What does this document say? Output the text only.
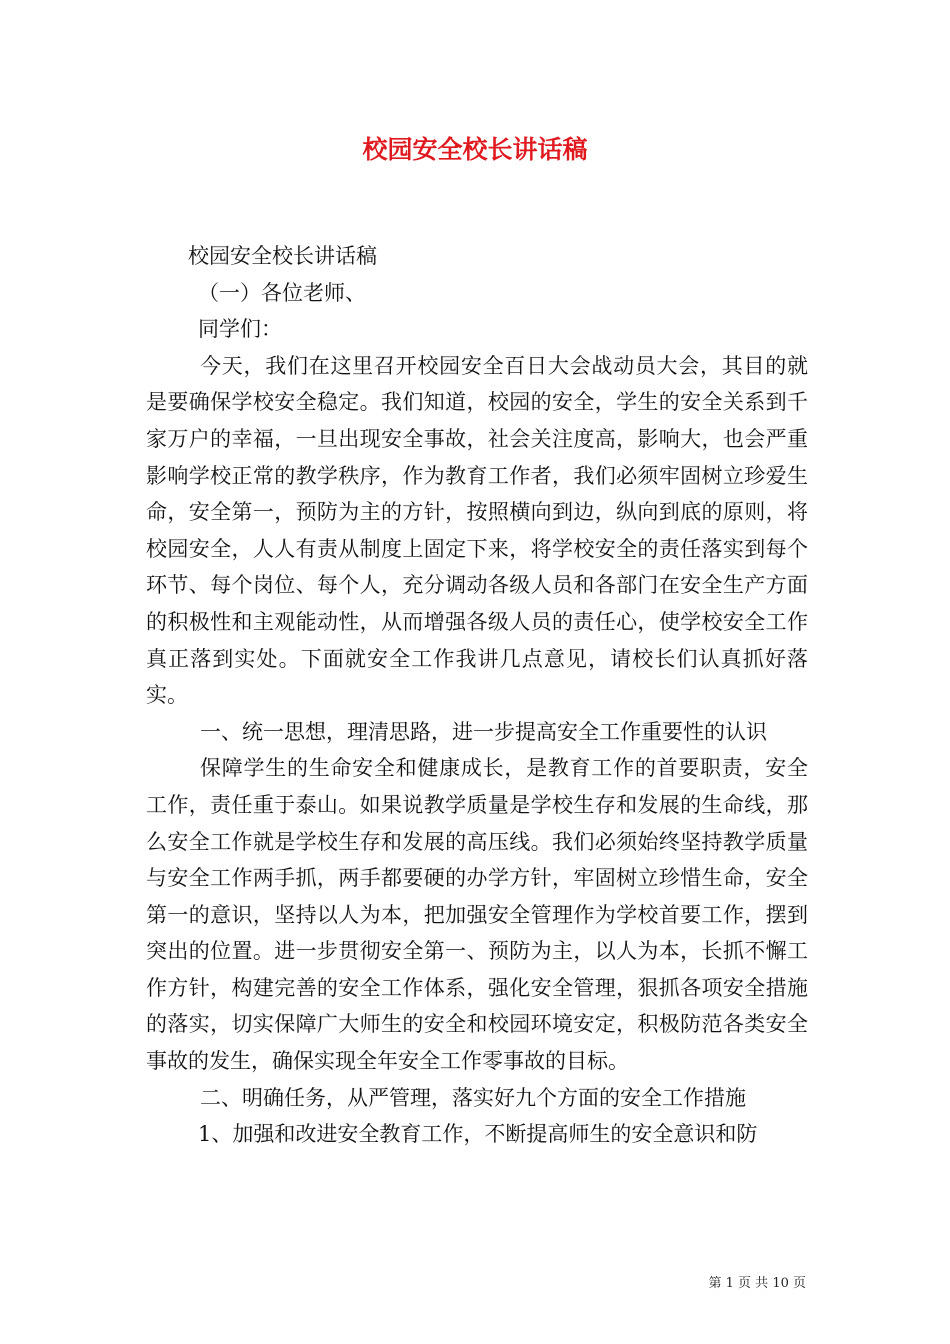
校园安全校长讲话稿

校园安全校长讲话稿

（一）各位老师、

同学们：

今天，我们在这里召开校园安全百日大会战动员大会，其目的就是要确保学校安全稳定。我们知道，校园的安全，学生的安全关系到千家万户的幸福，一旦出现安全事故，社会关注度高，影响大，也会严重影响学校正常的教学秩序，作为教育工作者，我们必须牢固树立珍爱生命，安全第一，预防为主的方针，按照横向到边，纵向到底的原则，将校园安全，人人有责从制度上固定下来，将学校安全的责任落实到每个环节、每个岗位、每个人，充分调动各级人员和各部门在安全生产方面的积极性和主观能动性，从而增强各级人员的责任心，使学校安全工作真正落到实处。下面就安全工作我讲几点意见，请校长们认真抓好落实。

一、统一思想，理清思路，进一步提高安全工作重要性的认识

保障学生的生命安全和健康成长，是教育工作的首要职责，安全工作，责任重于泰山。如果说教学质量是学校生存和发展的生命线，那么安全工作就是学校生存和发展的高压线。我们必须始终坚持教学质量与安全工作两手抓，两手都要硬的办学方针，牢固树立珍惜生命，安全第一的意识，坚持以人为本，把加强安全管理作为学校首要工作，摆到突出的位置。进一步贯彻安全第一、预防为主，以人为本，长抓不懈工作方针，构建完善的安全工作体系，强化安全管理，狠抓各项安全措施的落实，切实保障广大师生的安全和校园环境安定，积极防范各类安全事故的发生，确保实现全年安全工作零事故的目标。

二、明确任务，从严管理，落实好九个方面的安全工作措施

1、加强和改进安全教育工作，不断提高师生的安全意识和防

第 1 页 共 10 页
